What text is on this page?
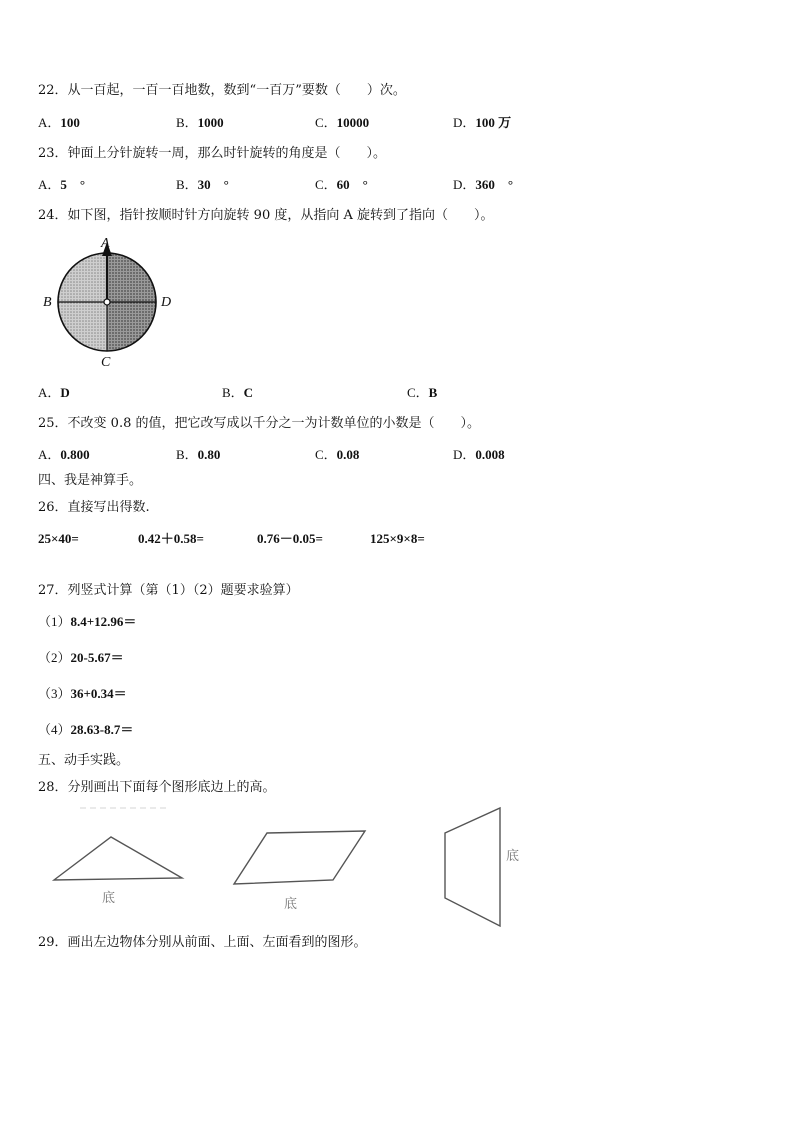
22．从一百起，一百一百地数，数到“一百万”要数（　　）次。
A．100	B．1000	C．10000	D．100 万
23．钟面上分针旋转一周，那么时针旋转的角度是（　　）。
A．5　°	B．30　°	C．60　°	D．360　°
24．如下图，指针按顺时针方向旋转 90 度，从指向 A 旋转到了指向（　　）。
A
B
C
D
A．D	B．C	C．B
25．不改变 0.8 的值，把它改写成以千分之一为计数单位的小数是（　　）。
A．0.800	B．0.80	C．0.08	D．0.008
四、我是神算手。
26．直接写出得数.
25×40=	0.42＋0.58=	0.76－0.05=	125×9×8=
27．列竖式计算（第（1）（2）题要求验算）
（1）8.4+12.96＝
（2）20-5.67＝
（3）36+0.34＝
（4）28.63-8.7＝
五、动手实践。
28．分别画出下面每个图形底边上的高。
底	底
底
29．画出左边物体分别从前面、上面、左面看到的图形。
